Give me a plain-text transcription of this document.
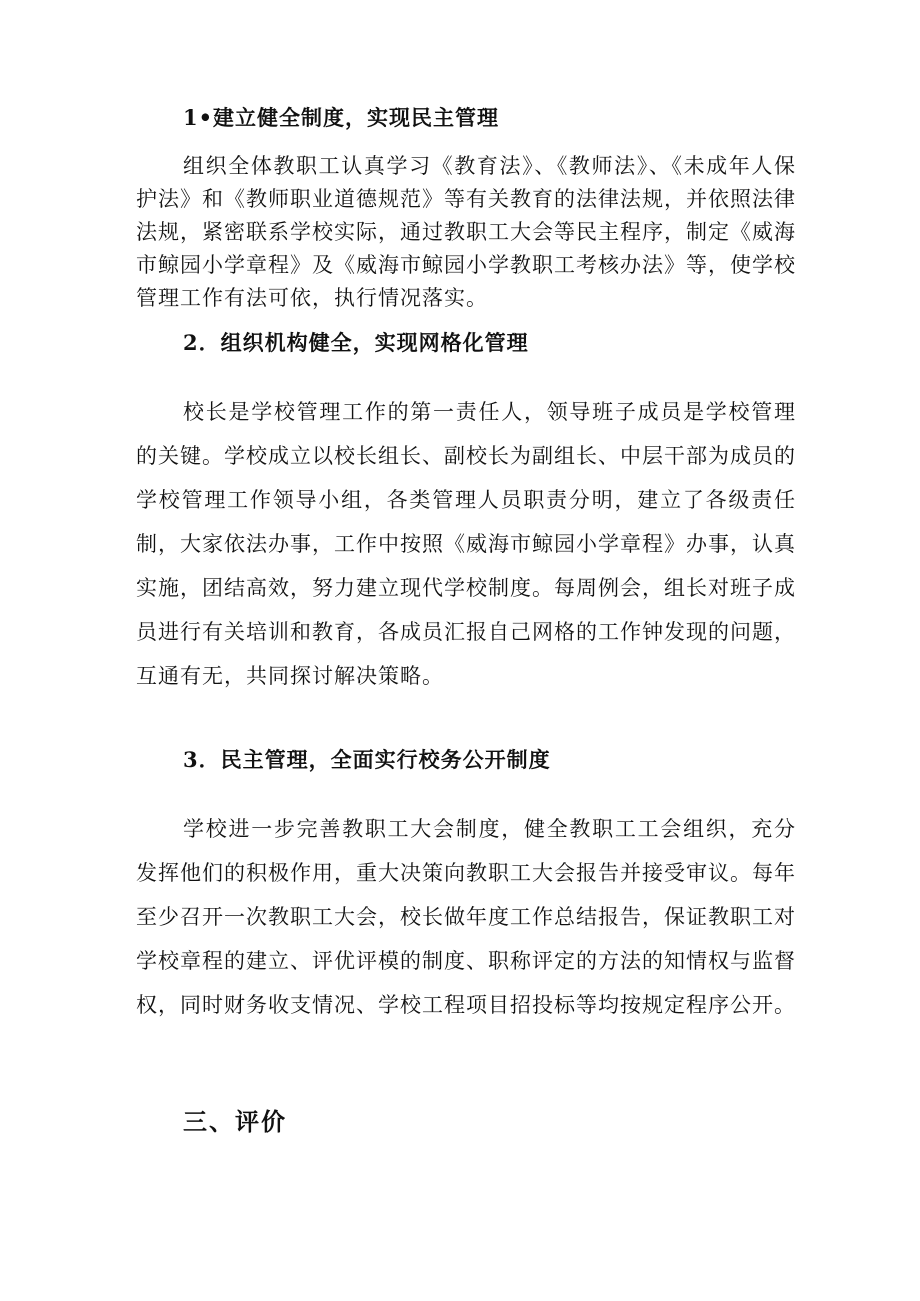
1•建立健全制度，实现民主管理

组织全体教职工认真学习《教育法》、《教师法》、《未成年人保护法》和《教师职业道德规范》等有关教育的法律法规，并依照法律法规，紧密联系学校实际，通过教职工大会等民主程序，制定《威海市鲸园小学章程》及《威海市鲸园小学教职工考核办法》等，使学校管理工作有法可依，执行情况落实。

2．组织机构健全，实现网格化管理

校长是学校管理工作的第一责任人，领导班子成员是学校管理的关键。学校成立以校长组长、副校长为副组长、中层干部为成员的学校管理工作领导小组，各类管理人员职责分明，建立了各级责任制，大家依法办事，工作中按照《威海市鲸园小学章程》办事，认真实施，团结高效，努力建立现代学校制度。每周例会，组长对班子成员进行有关培训和教育，各成员汇报自己网格的工作钟发现的问题，互通有无，共同探讨解决策略。

3．民主管理，全面实行校务公开制度

学校进一步完善教职工大会制度，健全教职工工会组织，充分发挥他们的积极作用，重大决策向教职工大会报告并接受审议。每年至少召开一次教职工大会，校长做年度工作总结报告，保证教职工对学校章程的建立、评优评模的制度、职称评定的方法的知情权与监督权，同时财务收支情况、学校工程项目招投标等均按规定程序公开。

三、评价
